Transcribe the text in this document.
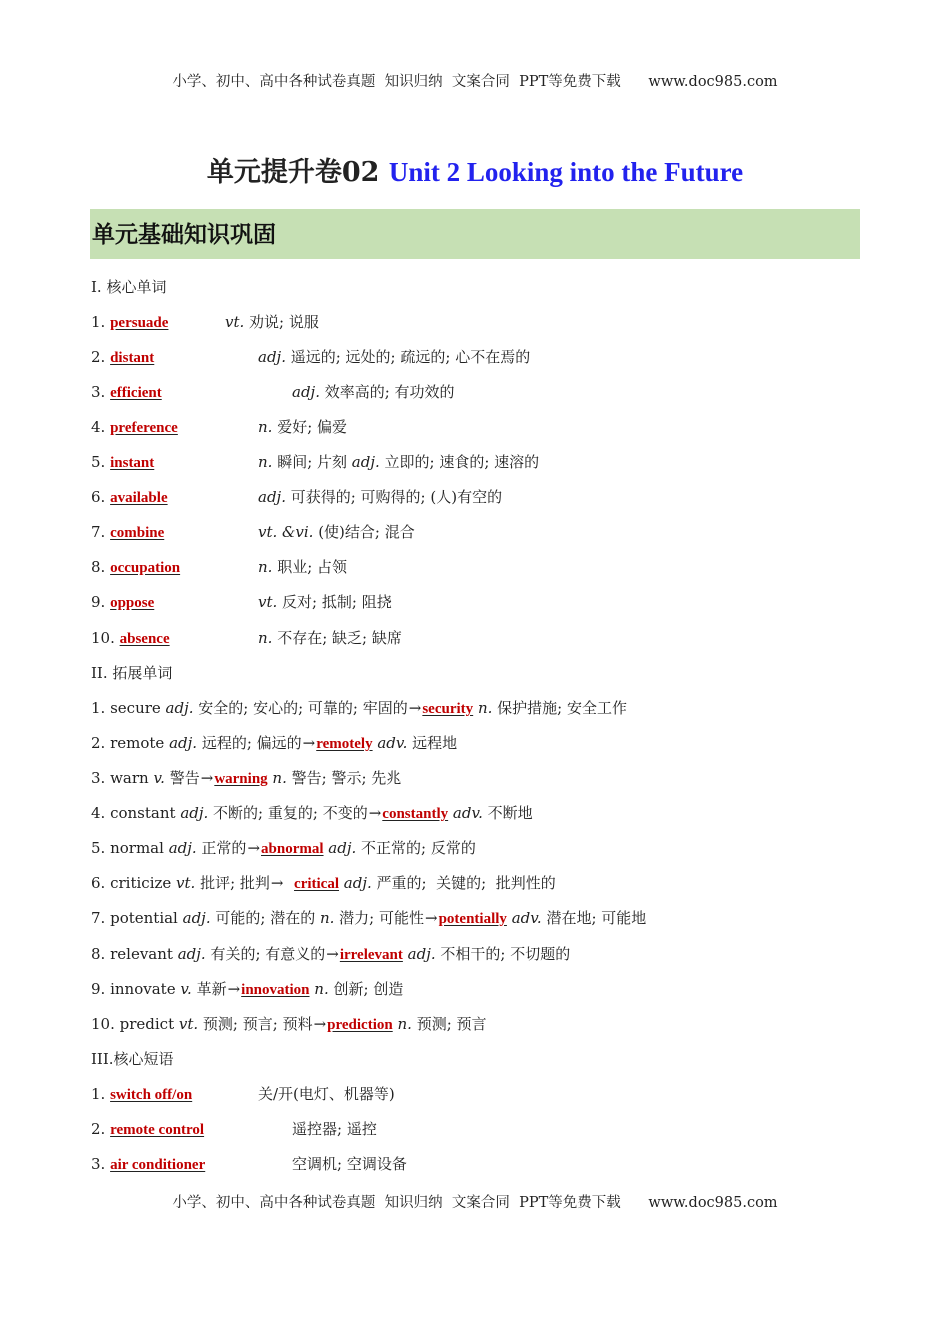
小学、初中、高中各种试卷真题  知识归纳  文案合同  PPT等免费下载      www.doc985.com
单元提升卷02 Unit 2 Looking into the Future
单元基础知识巩固
I. 核心单词
1. persuade	vt. 劝说; 说服
2. distant	adj. 遥远的; 远处的; 疏远的; 心不在焉的
3. efficient	adj. 效率高的; 有功效的
4. preference	n. 爱好; 偏爱
5. instant	n. 瞬间; 片刻 adj. 立即的; 速食的; 速溶的
6. available	adj. 可获得的; 可购得的; (人)有空的
7. combine	vt. &vi. (使)结合; 混合
8. occupation	n. 职业; 占领
9. oppose	vt. 反对; 抵制; 阻挠
10. absence	n. 不存在; 缺乏; 缺席
II. 拓展单词
1. secure adj. 安全的; 安心的; 可靠的; 牢固的→security n. 保护措施; 安全工作
2. remote adj. 远程的; 偏远的→remotely adv. 远程地
3. warn v. 警告→warning n. 警告; 警示; 先兆
4. constant adj. 不断的; 重复的; 不变的→constantly adv. 不断地
5. normal adj. 正常的→abnormal adj. 不正常的; 反常的
6. criticize vt. 批评; 批判→  critical adj. 严重的;  关键的;  批判性的
7. potential adj. 可能的; 潜在的 n. 潜力; 可能性→potentially adv. 潜在地; 可能地
8. relevant adj. 有关的; 有意义的→irrelevant adj. 不相干的; 不切题的
9. innovate v. 革新→innovation n. 创新; 创造
10. predict vt. 预测; 预言; 预料→prediction n. 预测; 预言
III.核心短语
1. switch off/on	关/开(电灯、机器等)
2. remote control	遥控器; 遥控
3. air conditioner	空调机; 空调设备
小学、初中、高中各种试卷真题  知识归纳  文案合同  PPT等免费下载      www.doc985.com
